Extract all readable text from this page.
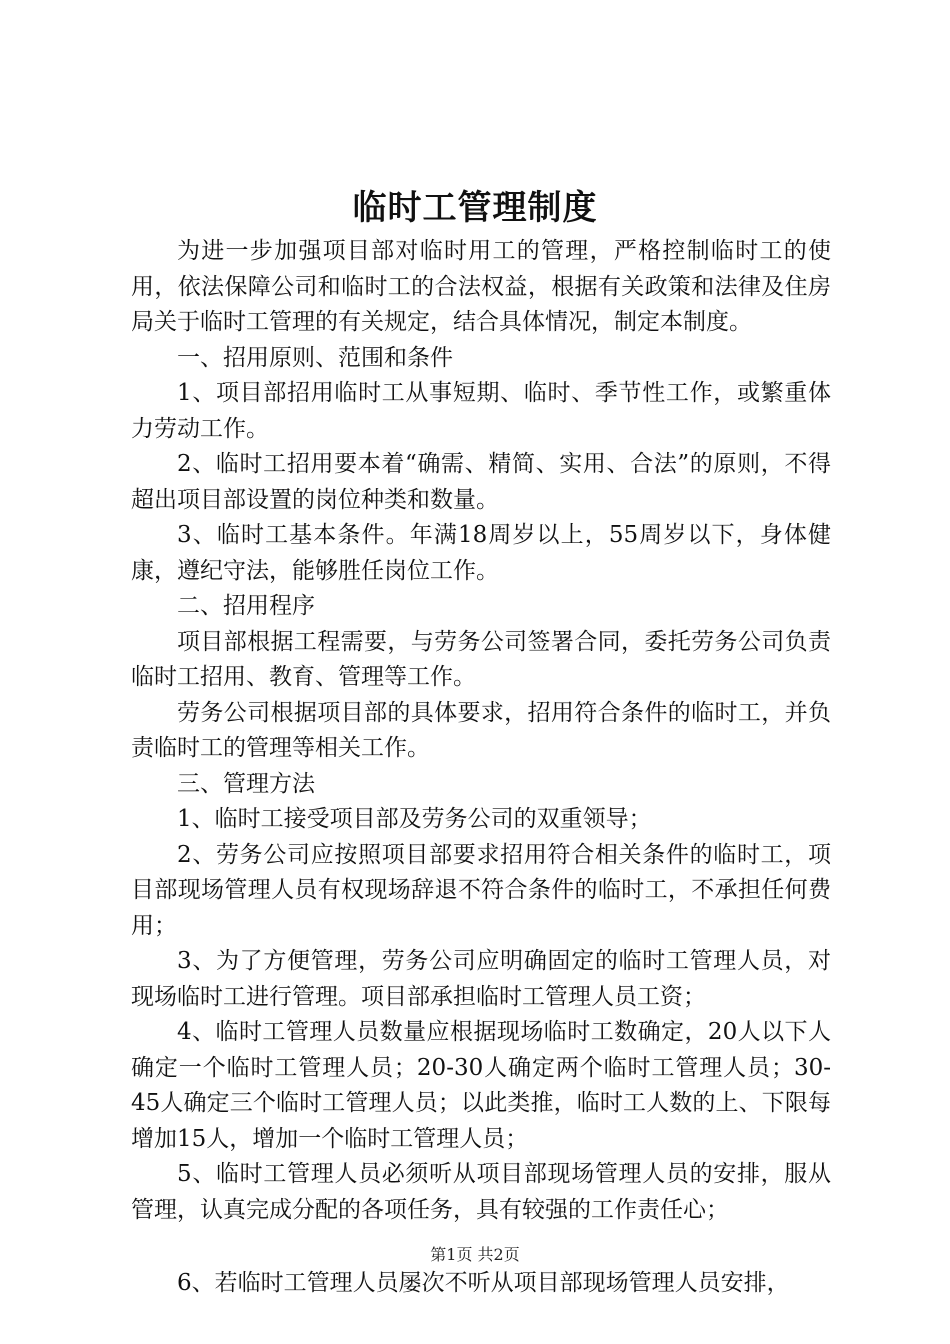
临时工管理制度

为进一步加强项目部对临时用工的管理，严格控制临时工的使用，依法保障公司和临时工的合法权益，根据有关政策和法律及住房局关于临时工管理的有关规定，结合具体情况，制定本制度。

一、招用原则、范围和条件

1、项目部招用临时工从事短期、临时、季节性工作，或繁重体力劳动工作。

2、临时工招用要本着“确需、精简、实用、合法”的原则，不得超出项目部设置的岗位种类和数量。

3、临时工基本条件。年满18周岁以上，55周岁以下，身体健康，遵纪守法，能够胜任岗位工作。

二、招用程序

项目部根据工程需要，与劳务公司签署合同，委托劳务公司负责临时工招用、教育、管理等工作。

劳务公司根据项目部的具体要求，招用符合条件的临时工，并负责临时工的管理等相关工作。

三、管理方法

1、临时工接受项目部及劳务公司的双重领导；

2、劳务公司应按照项目部要求招用符合相关条件的临时工，项目部现场管理人员有权现场辞退不符合条件的临时工，不承担任何费用；

3、为了方便管理，劳务公司应明确固定的临时工管理人员，对现场临时工进行管理。项目部承担临时工管理人员工资；

4、临时工管理人员数量应根据现场临时工数确定，20人以下人确定一个临时工管理人员；20-30人确定两个临时工管理人员；30-45人确定三个临时工管理人员；以此类推，临时工人数的上、下限每增加15人，增加一个临时工管理人员；

5、临时工管理人员必须听从项目部现场管理人员的安排，服从管理，认真完成分配的各项任务，具有较强的工作责任心；

6、若临时工管理人员屡次不听从项目部现场管理人员安排，

第1页 共2页
